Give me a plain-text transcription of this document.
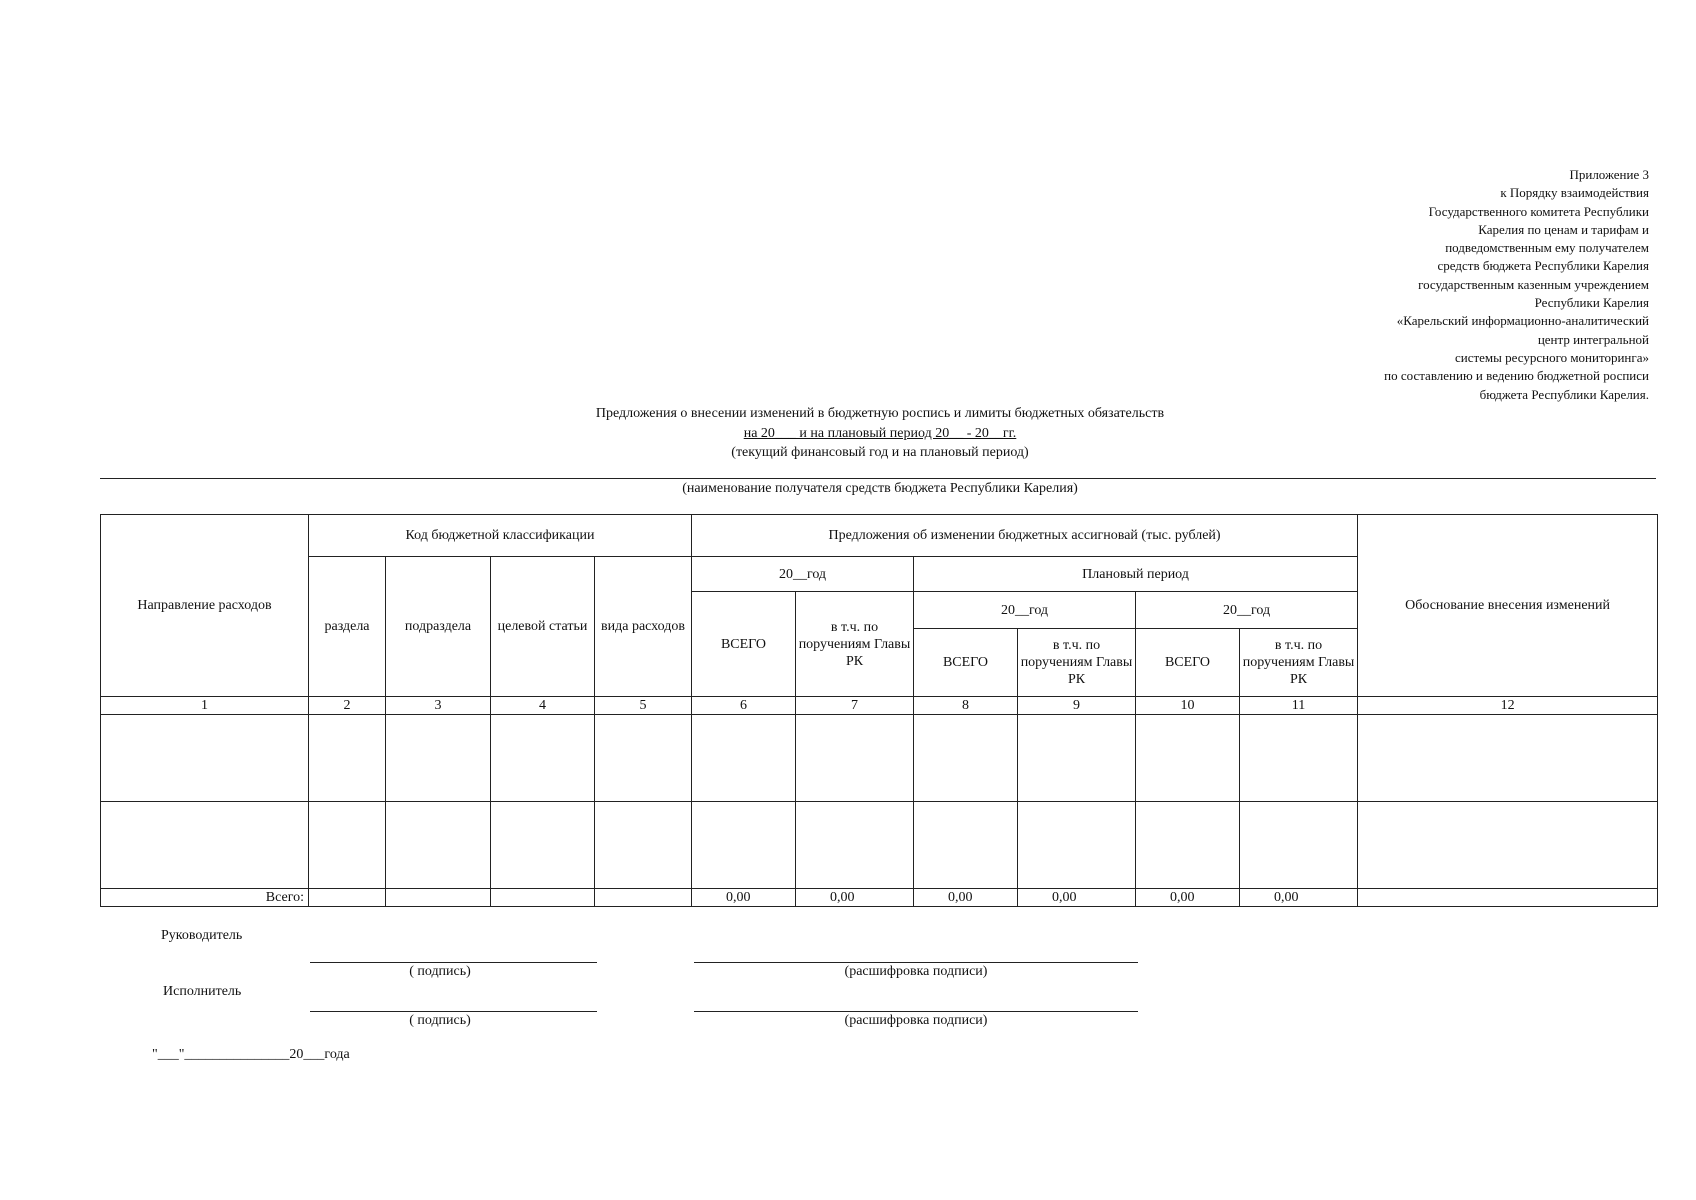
Приложение 3
к Порядку взаимодействия
Государственного комитета Республики
Карелия по ценам и тарифам и
подведомственным ему получателем
средств бюджета Республики Карелия
государственным казенным учреждением
Республики Карелия
«Карельский информационно-аналитический
центр интегральной
системы ресурсного мониторинга»
по составлению и ведению бюджетной росписи
бюджета Республики Карелия.
Предложения о внесении изменений в бюджетную роспись и лимиты бюджетных обязательств
на 20___ и на плановый период 20__ - 20__гг.
(текущий финансовый год и на плановый период)
(наименование получателя средств бюджета Республики Карелия)
Направление расходов	Код бюджетной классификации				Предложения об изменении бюджетных ассигновай (тыс. рублей)						Обоснование внесения изменений
	раздела	подраздела	целевой статьи	вида расходов	20__год		Плановый период				
					ВСЕГО	в т.ч. по поручениям Главы РК	20__год		20__год		
							ВСЕГО	в т.ч. по поручениям Главы РК	ВСЕГО	в т.ч. по поручениям Главы РК	
1	2	3	4	5	6	7	8	9	10	11	12

Всего:					0,00	0,00	0,00	0,00	0,00	0,00	
Руководитель
( подпись)	(расшифровка подписи)
Исполнитель
( подпись)	(расшифровка подписи)
"___"_______________20___года
